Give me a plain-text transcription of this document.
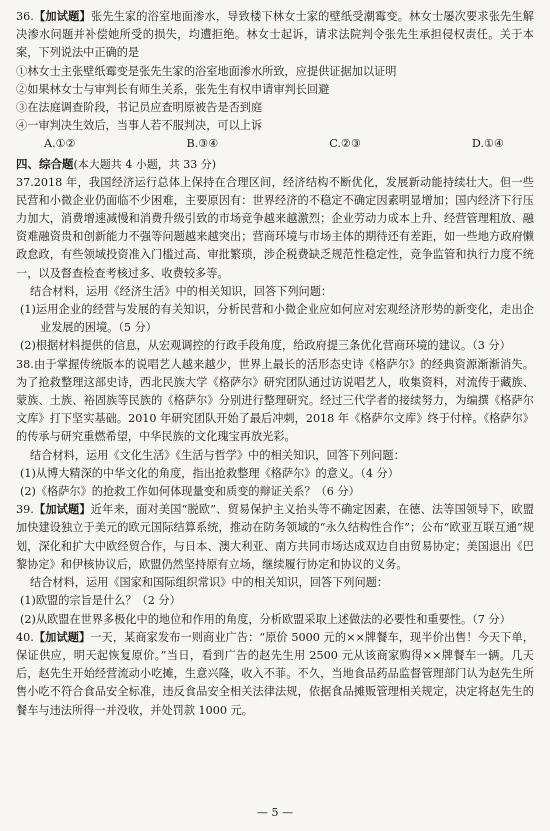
36.【加试题】张先生家的浴室地面渗水，导致楼下林女士家的壁纸受潮霉变。林女士屡次要求张先生解决渗水问题并补偿她所受的损失，均遭拒绝。林女士起诉，请求法院判令张先生承担侵权责任。关于本案，下列说法中正确的是

①林女士主张壁纸霉变是张先生家的浴室地面渗水所致，应提供证据加以证明

②如果林女士与审判长有师生关系，张先生有权申请审判长回避

③在法庭调查阶段，书记员应查明原被告是否到庭

④一审判决生效后，当事人若不服判决，可以上诉

A.①②	B.③④	C.②③	D.①④
四、综合题(本大题共 4 小题，共 33 分)

37.2018 年，我国经济运行总体上保持在合理区间，经济结构不断优化，发展新动能持续壮大。但一些民营和小微企业仍面临不少困难，主要原因有：世界经济的不稳定不确定因素明显增加；国内经济下行压力加大，消费增速减慢和消费升级引致的市场竞争越来越激烈；企业劳动力成本上升、经营管理粗放、融资难融资贵和创新能力不强等问题越来越突出；营商环境与市场主体的期待还有差距，如一些地方政府懒政怠政，有些领域投资准入门槛过高、审批繁琐，涉企税费缺乏规范性稳定性，竞争监管和执行力度不统一，以及督查检查考核过多、收费较多等。

结合材料，运用《经济生活》中的相关知识，回答下列问题：

(1)运用企业的经营与发展的有关知识，分析民营和小微企业应如何应对宏观经济形势的新变化，走出企业发展的困境。（5 分）

(2)根据材料提供的信息，从宏观调控的行政手段角度，给政府提三条优化营商环境的建议。（3 分）

38.由于掌握传统版本的说唱艺人越来越少，世界上最长的活形态史诗《格萨尔》的经典资源渐渐消失。为了抢救整理这部史诗，西北民族大学《格萨尔》研究团队通过访说唱艺人，收集资料，对流传于藏族、蒙族、土族、裕固族等民族的《格萨尔》分别进行整理研究。经过三代学者的接续努力，为编撰《格萨尔文库》打下坚实基础。2010 年研究团队开始了最后冲刺，2018 年《格萨尔文库》终于付梓。《格萨尔》的传承与研究重燃希望，中华民族的文化瑰宝再放光彩。

结合材料，运用《文化生活》《生活与哲学》中的相关知识，回答下列问题：

(1)从博大精深的中华文化的角度，指出抢救整理《格萨尔》的意义。（4 分）

(2)《格萨尔》的抢救工作如何体现量变和质变的辩证关系？（6 分）

39.【加试题】近年来，面对美国“脱欧”、贸易保护主义抬头等不确定因素，在德、法等国领导下，欧盟加快建设独立于美元的欧元国际结算系统，推动在防务领域的“永久结构性合作”；公布“欧亚互联互通”规划，深化和扩大中欧经贸合作，与日本、澳大利亚、南方共同市场达成双边自由贸易协定；美国退出《巴黎协定》和伊核协议后，欧盟仍然坚持原有立场，继续履行协定和协议的义务。

结合材料，运用《国家和国际组织常识》中的相关知识，回答下列问题：

(1)欧盟的宗旨是什么？（2 分）

(2)从欧盟在世界多极化中的地位和作用的角度，分析欧盟采取上述做法的必要性和重要性。（7 分）

40.【加试题】一天，某商家发布一则商业广告：“原价 5000 元的××牌餐车，现半价出售！今天下单，保证供应，明天起恢复原价。”当日，看到广告的赵先生用 2500 元从该商家购得××牌餐车一辆。几天后，赵先生开始经营流动小吃摊，生意兴隆，收入不菲。不久，当地食品药品监督管理部门认为赵先生所售小吃不符合食品安全标准，违反食品安全相关法律法规，依据食品摊贩管理相关规定，决定将赵先生的餐车与违法所得一并没收，并处罚款 1000 元。

— 5 —
